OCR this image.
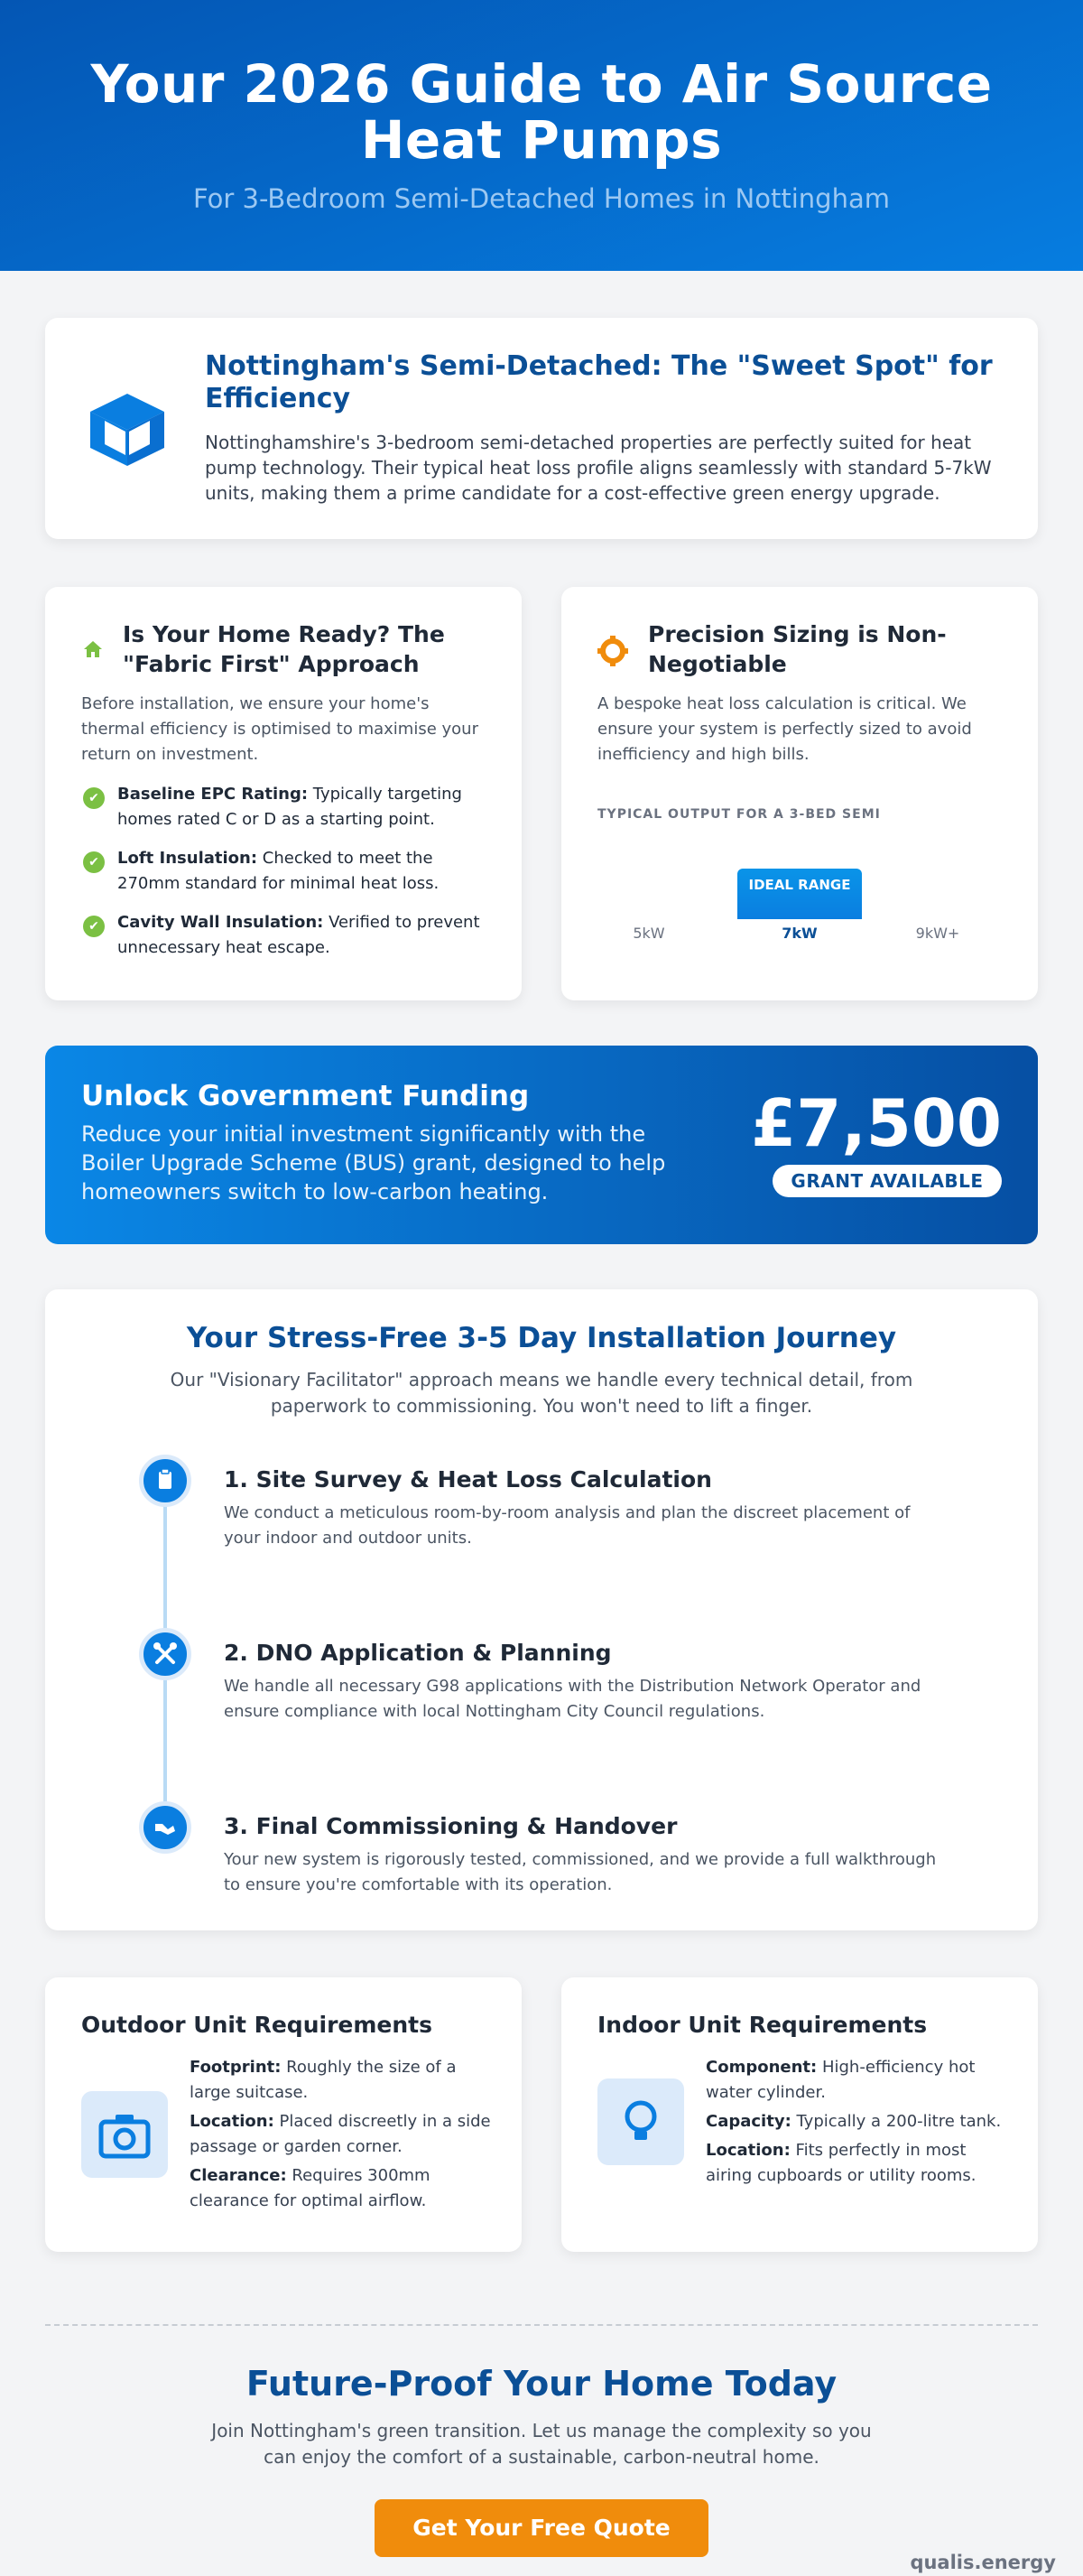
Your 2026 Guide to Air Source Heat Pumps
For 3-Bedroom Semi-Detached Homes in Nottingham
Nottingham's Semi-Detached: The "Sweet Spot" for Efficiency

Nottinghamshire's 3-bedroom semi-detached properties are perfectly suited for heat pump technology. Their typical heat loss profile aligns seamlessly with standard 5-7kW units, making them a prime candidate for a cost-effective green energy upgrade.

Is Your Home Ready? The "Fabric First" Approach
Before installation, we ensure your home's thermal efficiency is optimised to maximise your return on investment.
✔	Baseline EPC Rating: Typically targeting homes rated C or D as a starting point.
✔	Loft Insulation: Checked to meet the 270mm standard for minimal heat loss.
✔	Cavity Wall Insulation: Verified to prevent unnecessary heat escape.
Precision Sizing is Non-Negotiable
A bespoke heat loss calculation is critical. We ensure your system is perfectly sized to avoid inefficiency and high bills.
TYPICAL OUTPUT FOR A 3-BED SEMI
IDEAL RANGE
5kW	7kW	9kW+
Unlock Government Funding

Reduce your initial investment significantly with the Boiler Upgrade Scheme (BUS) grant, designed to help homeowners switch to low-carbon heating.

£7,500
GRANT AVAILABLE
Your Stress-Free 3-5 Day Installation Journey
Our "Visionary Facilitator" approach means we handle every technical detail, from paperwork to commissioning. You won't need to lift a finger.
1. Site Survey & Heat Loss Calculation
We conduct a meticulous room-by-room analysis and plan the discreet placement of your indoor and outdoor units.
2. DNO Application & Planning
We handle all necessary G98 applications with the Distribution Network Operator and ensure compliance with local Nottingham City Council regulations.
3. Final Commissioning & Handover
Your new system is rigorously tested, commissioned, and we provide a full walkthrough to ensure you're comfortable with its operation.
Outdoor Unit Requirements
Footprint: Roughly the size of a large suitcase.
Location: Placed discreetly in a side passage or garden corner.
Clearance: Requires 300mm clearance for optimal airflow.
Indoor Unit Requirements
Component: High-efficiency hot water cylinder.
Capacity: Typically a 200-litre tank.
Location: Fits perfectly in most airing cupboards or utility rooms.
Future-Proof Your Home Today

Join Nottingham's green transition. Let us manage the complexity so you can enjoy the comfort of a sustainable, carbon-neutral home.

Get Your Free Quote
qualis.energy
